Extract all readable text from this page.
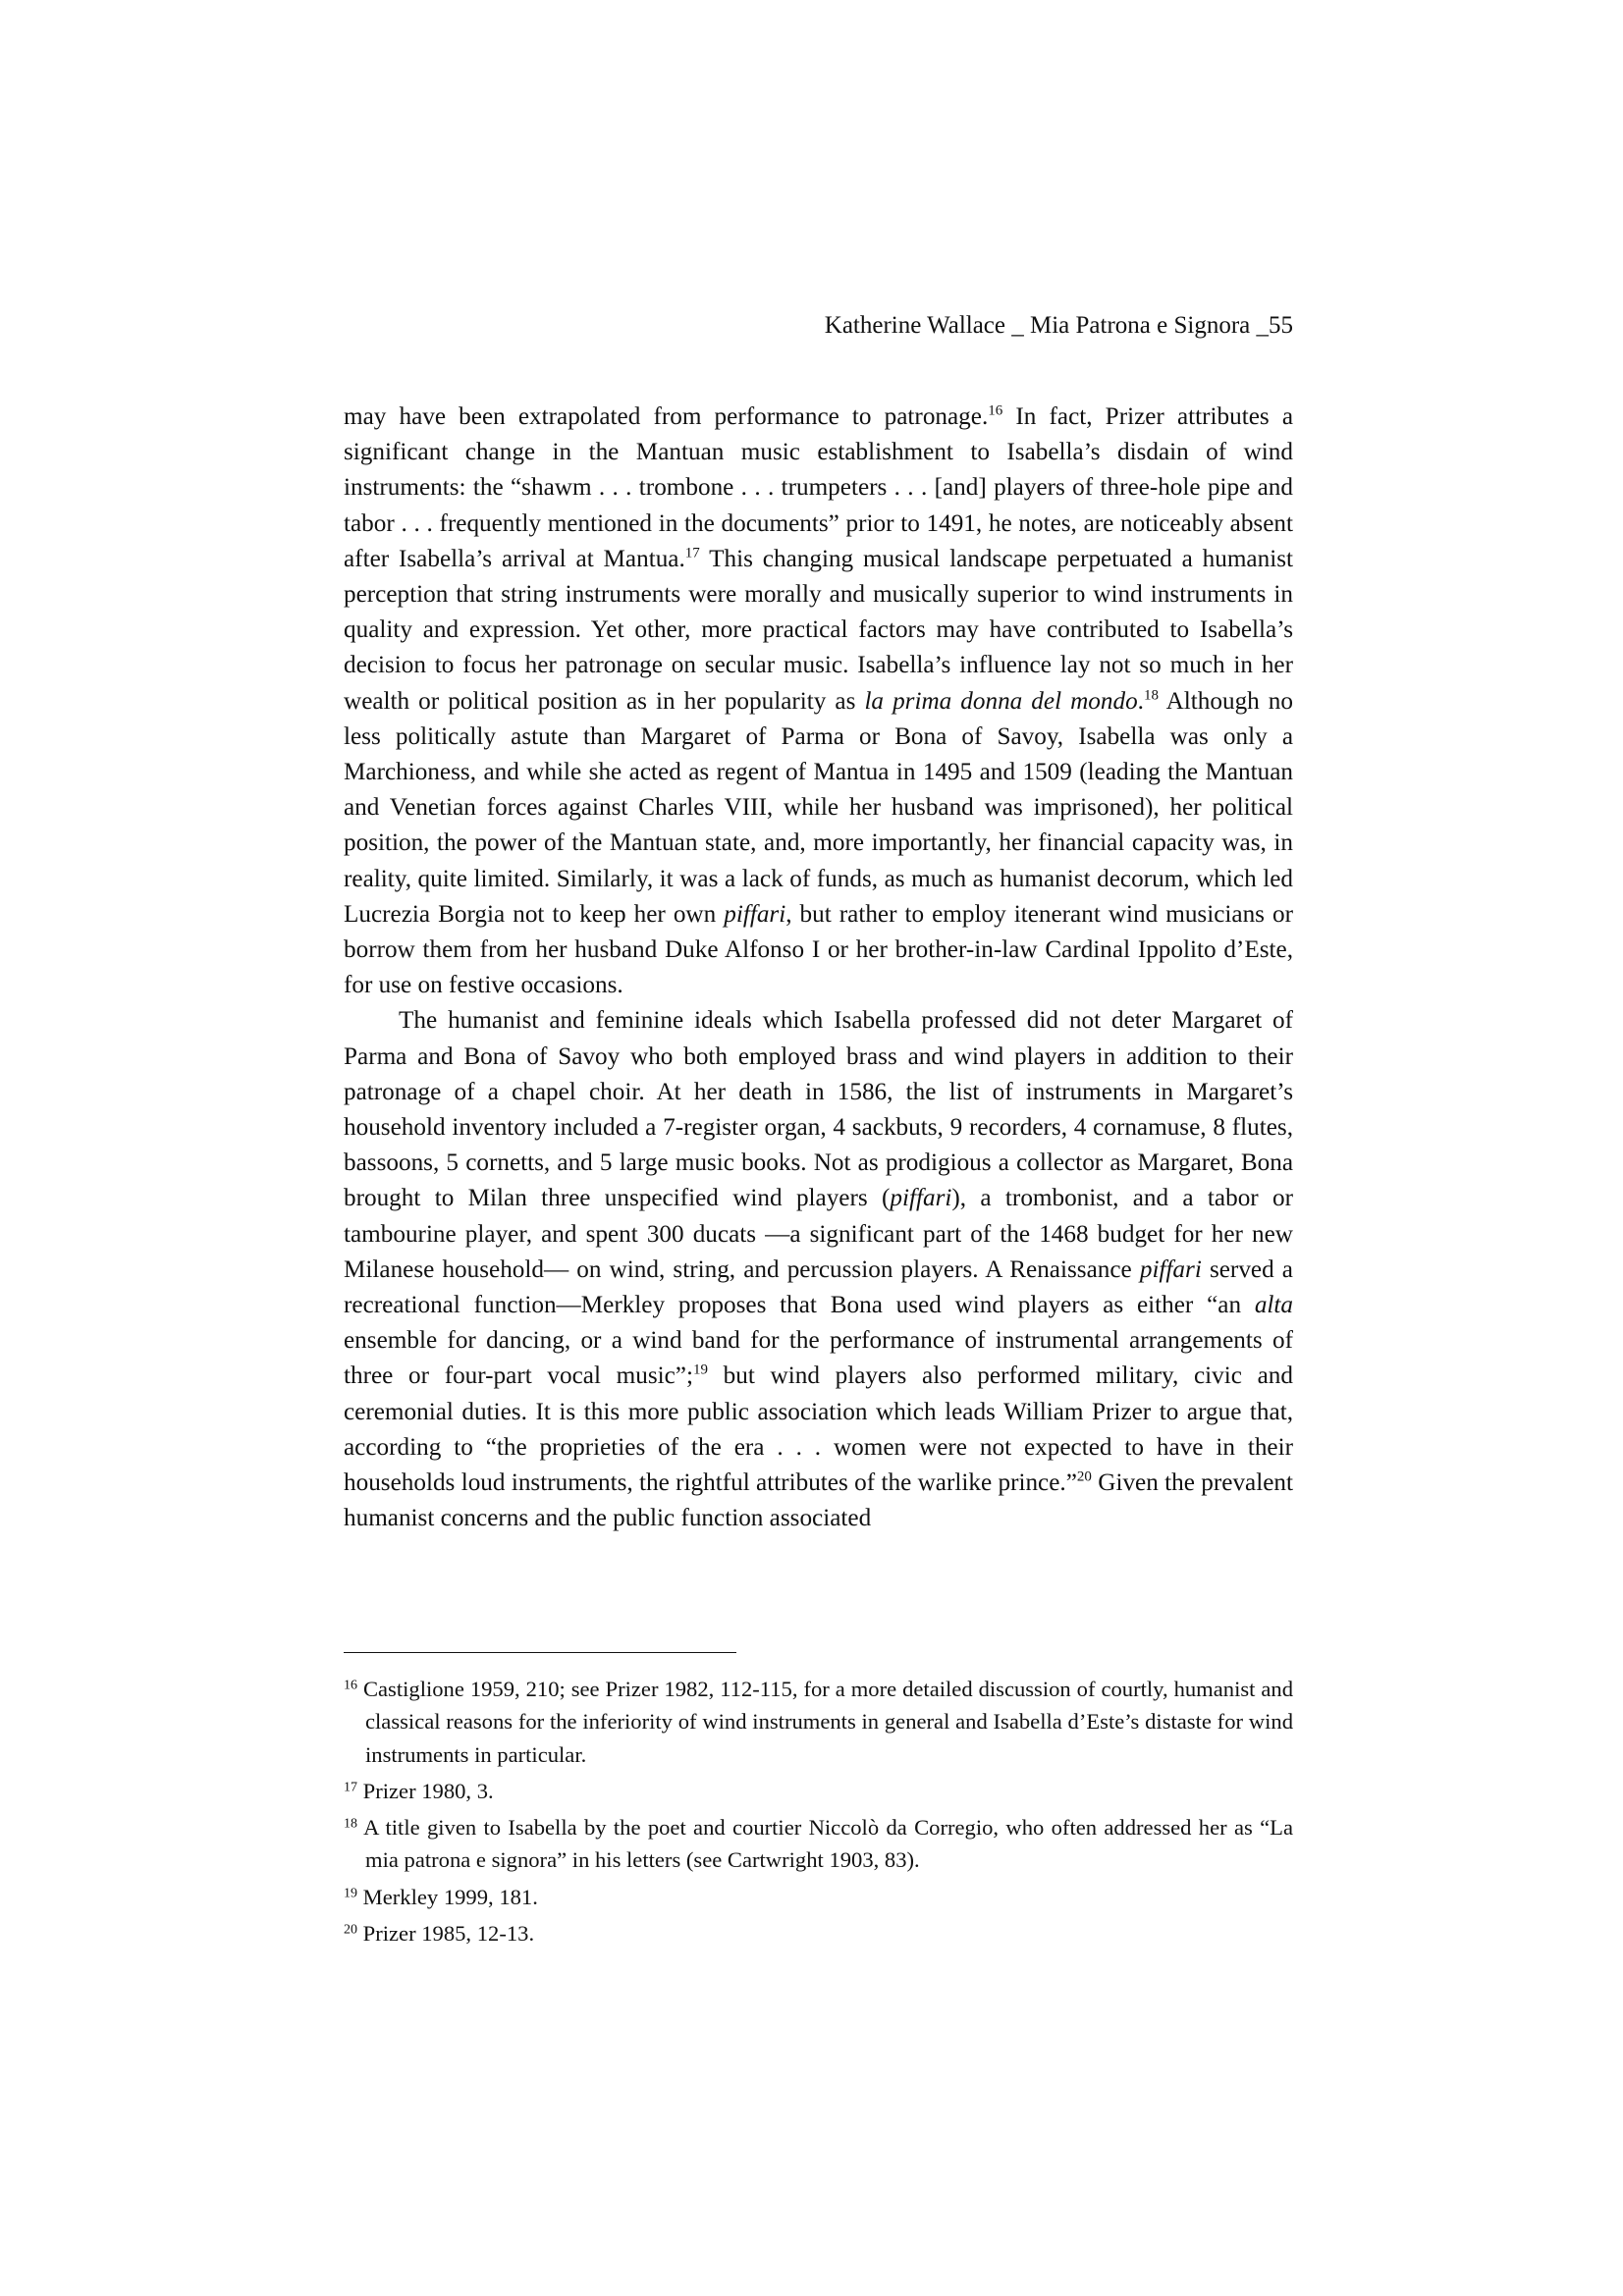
Katherine Wallace _ Mia Patrona e Signora _55

may have been extrapolated from performance to patronage.$^{16}$ In fact, Prizer attributes a significant change in the Mantuan music establishment to Isabella’s disdain of wind instruments: the “shawm . . . trombone . . . trumpeters . . . [and] players of three-hole pipe and tabor . . . frequently mentioned in the documents” prior to 1491, he notes, are noticeably absent after Isabella’s arrival at Mantua.$^{17}$ This changing musical landscape perpetuated a humanist perception that string instruments were morally and musically superior to wind instruments in quality and expression. Yet other, more practical factors may have contributed to Isabella’s decision to focus her patronage on secular music. Isabella’s influence lay not so much in her wealth or political position as in her popularity as la prima donna del mondo.$^{18}$ Although no less politically astute than Margaret of Parma or Bona of Savoy, Isabella was only a Marchioness, and while she acted as regent of Mantua in 1495 and 1509 (leading the Mantuan and Venetian forces against Charles VIII, while her husband was imprisoned), her political position, the power of the Mantuan state, and, more importantly, her financial capacity was, in reality, quite limited. Similarly, it was a lack of funds, as much as humanist decorum, which led Lucrezia Borgia not to keep her own piffari, but rather to employ itenerant wind musicians or borrow them from her husband Duke Alfonso I or her brother-in-law Cardinal Ippolito d’Este, for use on festive occasions.

The humanist and feminine ideals which Isabella professed did not deter Margaret of Parma and Bona of Savoy who both employed brass and wind players in addition to their patronage of a chapel choir. At her death in 1586, the list of instruments in Margaret’s household inventory included a 7-register organ, 4 sackbuts, 9 recorders, 4 cornamuse, 8 flutes, bassoons, 5 cornetts, and 5 large music books. Not as prodigious a collector as Margaret, Bona brought to Milan three unspecified wind players (piffari), a trombonist, and a tabor or tambourine player, and spent 300 ducats —a significant part of the 1468 budget for her new Milanese household— on wind, string, and percussion players. A Renaissance piffari served a recreational function—Merkley proposes that Bona used wind players as either “an alta ensemble for dancing, or a wind band for the performance of instrumental arrangements of three or four-part vocal music”;$^{19}$ but wind players also performed military, civic and ceremonial duties. It is this more public association which leads William Prizer to argue that, according to “the proprieties of the era . . . women were not expected to have in their households loud instruments, the rightful attributes of the warlike prince.”$^{20}$ Given the prevalent humanist concerns and the public function associated

$^{16}$ Castiglione 1959, 210; see Prizer 1982, 112-115, for a more detailed discussion of courtly, humanist and classical reasons for the inferiority of wind instruments in general and Isabella d’Este’s distaste for wind instruments in particular.

$^{17}$ Prizer 1980, 3.

$^{18}$ A title given to Isabella by the poet and courtier Niccolò da Corregio, who often addressed her as “La mia patrona e signora” in his letters (see Cartwright 1903, 83).

$^{19}$ Merkley 1999, 181.

$^{20}$ Prizer 1985, 12-13.
